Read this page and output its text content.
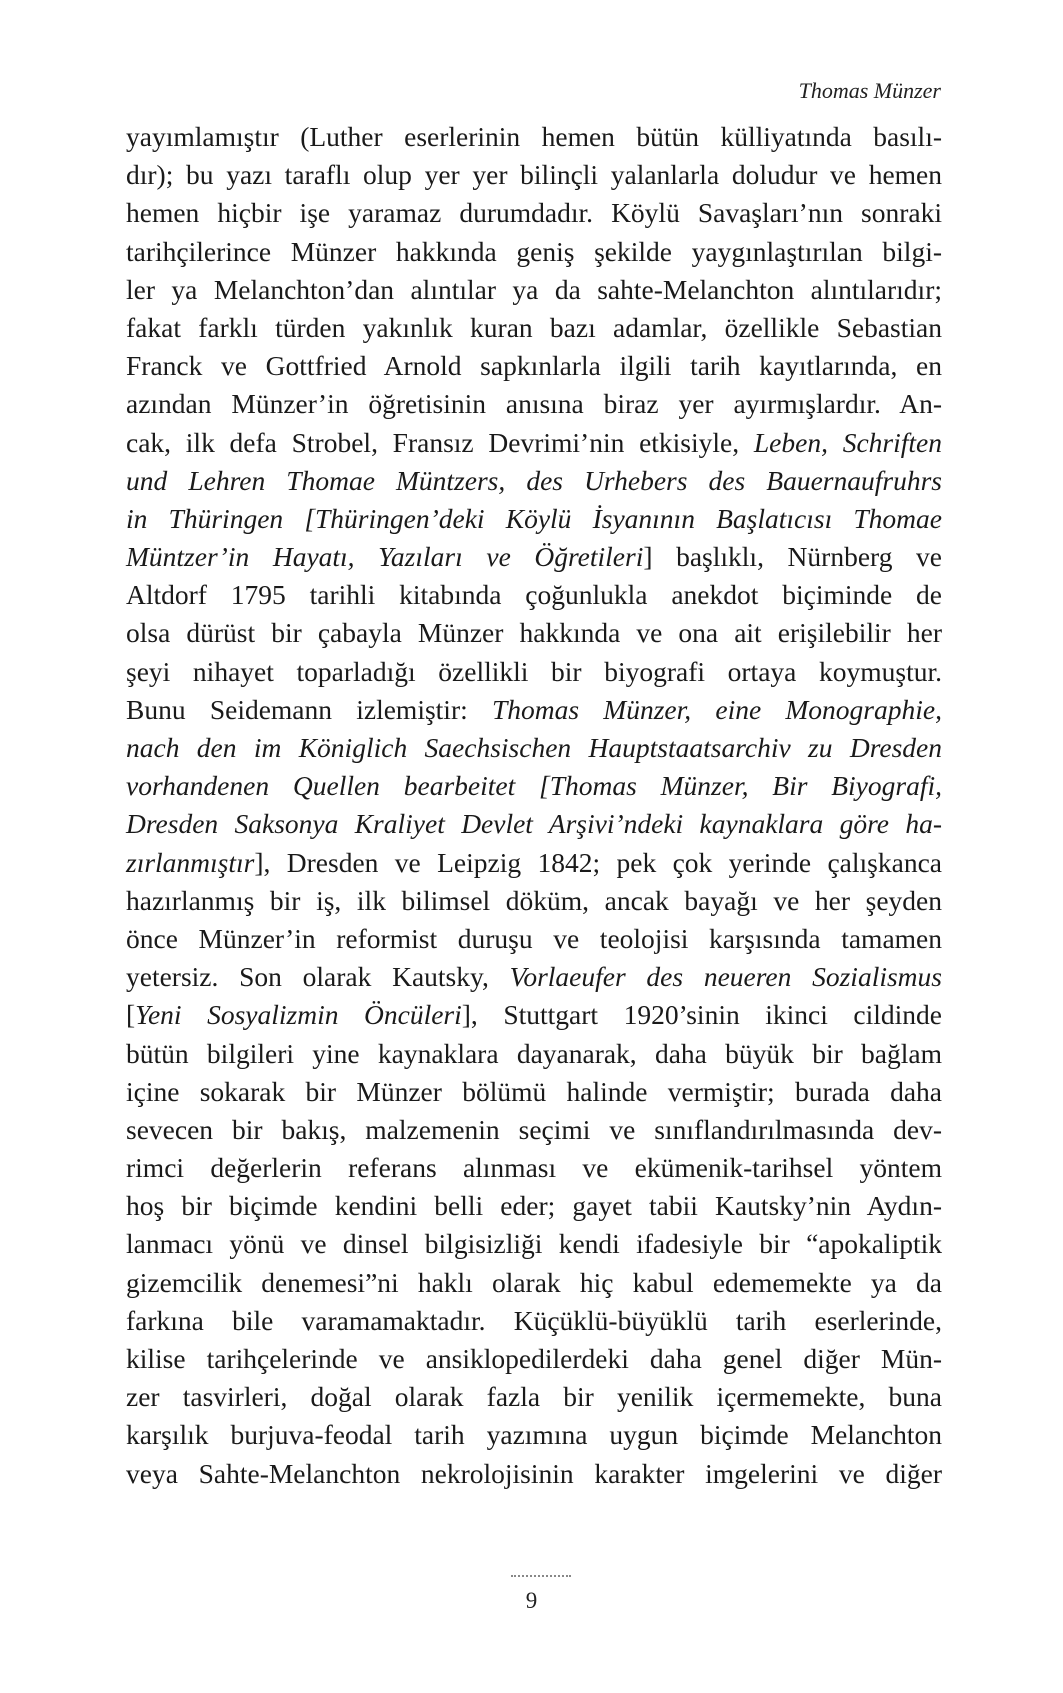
Thomas Münzer
yayımlamıştır (Luther eserlerinin hemen bütün külliyatında basılı-
dır); bu yazı taraflı olup yer yer bilinçli yalanlarla doludur ve hemen
hemen hiçbir işe yaramaz durumdadır. Köylü Savaşları’nın sonraki
tarihçilerince Münzer hakkında geniş şekilde yaygınlaştırılan bilgi-
ler ya Melanchton’dan alıntılar ya da sahte-Melanchton alıntılarıdır;
fakat farklı türden yakınlık kuran bazı adamlar, özellikle Sebastian
Franck ve Gottfried Arnold sapkınlarla ilgili tarih kayıtlarında, en
azından Münzer’in öğretisinin anısına biraz yer ayırmışlardır. An-
cak, ilk defa Strobel, Fransız Devrimi’nin etkisiyle, Leben, Schriften
und Lehren Thomae Müntzers, des Urhebers des Bauernaufruhrs
in Thüringen [Thüringen’deki Köylü İsyanının Başlatıcısı Thomae
Müntzer’in Hayatı, Yazıları ve Öğretileri] başlıklı, Nürnberg ve
Altdorf 1795 tarihli kitabında çoğunlukla anekdot biçiminde de
olsa dürüst bir çabayla Münzer hakkında ve ona ait erişilebilir her
şeyi nihayet toparladığı özellikli bir biyografi ortaya koymuştur.
Bunu Seidemann izlemiştir: Thomas Münzer, eine Monographie,
nach den im Königlich Saechsischen Hauptstaatsarchiv zu Dresden
vorhandenen Quellen bearbeitet [Thomas Münzer, Bir Biyografi,
Dresden Saksonya Kraliyet Devlet Arşivi’ndeki kaynaklara göre ha-
zırlanmıştır], Dresden ve Leipzig 1842; pek çok yerinde çalışkanca
hazırlanmış bir iş, ilk bilimsel döküm, ancak bayağı ve her şeyden
önce Münzer’in reformist duruşu ve teolojisi karşısında tamamen
yetersiz. Son olarak Kautsky, Vorlaeufer des neueren Sozialismus
[Yeni Sosyalizmin Öncüleri], Stuttgart 1920’sinin ikinci cildinde
bütün bilgileri yine kaynaklara dayanarak, daha büyük bir bağlam
içine sokarak bir Münzer bölümü halinde vermiştir; burada daha
sevecen bir bakış, malzemenin seçimi ve sınıflandırılmasında dev-
rimci değerlerin referans alınması ve ekümenik-tarihsel yöntem
hoş bir biçimde kendini belli eder; gayet tabii Kautsky’nin Aydın-
lanmacı yönü ve dinsel bilgisizliği kendi ifadesiyle bir “apokaliptik
gizemcilik denemesi”ni haklı olarak hiç kabul edememekte ya da
farkına bile varamamaktadır. Küçüklü-büyüklü tarih eserlerinde,
kilise tarihçelerinde ve ansiklopedilerdeki daha genel diğer Mün-
zer tasvirleri, doğal olarak fazla bir yenilik içermemekte, buna
karşılık burjuva-feodal tarih yazımına uygun biçimde Melanchton
veya Sahte-Melanchton nekrolojisinin karakter imgelerini ve diğer
9
